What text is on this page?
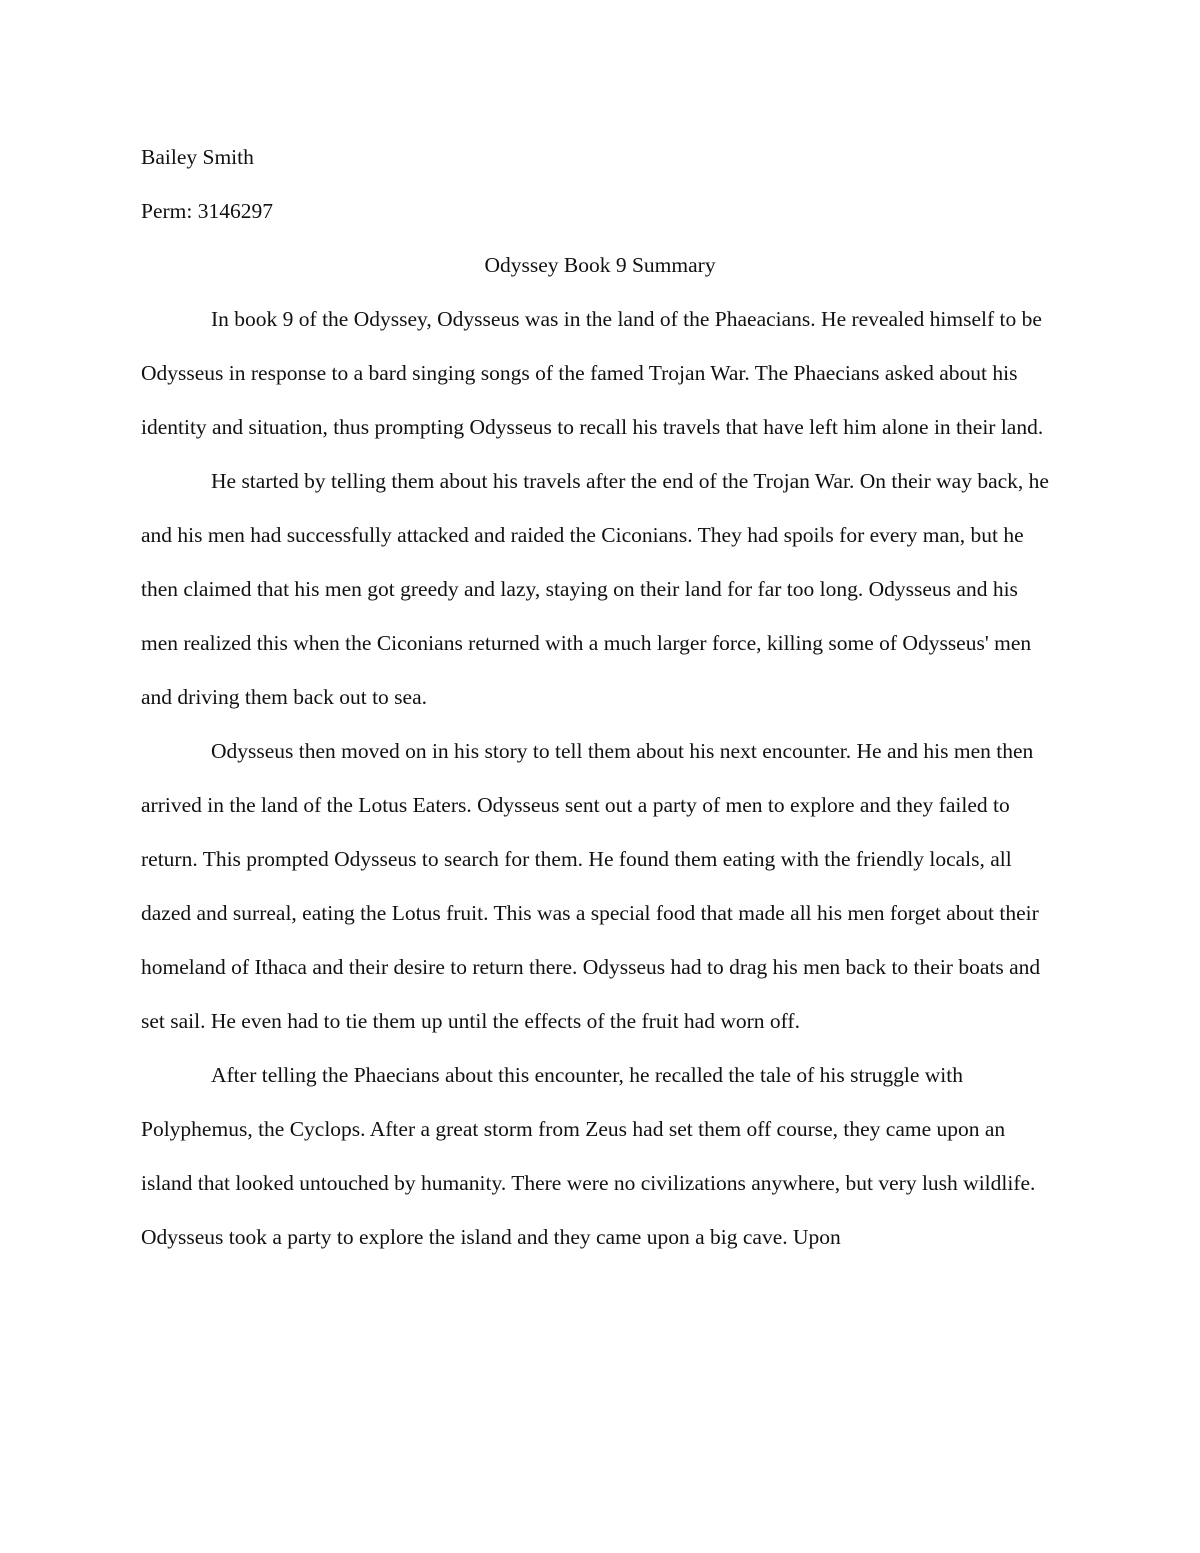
Bailey Smith

Perm: 3146297

Odyssey Book 9 Summary

In book 9 of the Odyssey, Odysseus was in the land of the Phaeacians. He revealed himself to be Odysseus in response to a bard singing songs of the famed Trojan War. The Phaecians asked about his identity and situation, thus prompting Odysseus to recall his travels that have left him alone in their land.

He started by telling them about his travels after the end of the Trojan War. On their way back, he and his men had successfully attacked and raided the Ciconians. They had spoils for every man, but he then claimed that his men got greedy and lazy, staying on their land for far too long. Odysseus and his men realized this when the Ciconians returned with a much larger force, killing some of Odysseus' men and driving them back out to sea.

Odysseus then moved on in his story to tell them about his next encounter. He and his men then arrived in the land of the Lotus Eaters. Odysseus sent out a party of men to explore and they failed to return. This prompted Odysseus to search for them. He found them eating with the friendly locals, all dazed and surreal, eating the Lotus fruit. This was a special food that made all his men forget about their homeland of Ithaca and their desire to return there. Odysseus had to drag his men back to their boats and set sail. He even had to tie them up until the effects of the fruit had worn off.

After telling the Phaecians about this encounter, he recalled the tale of his struggle with Polyphemus, the Cyclops. After a great storm from Zeus had set them off course, they came upon an island that looked untouched by humanity. There were no civilizations anywhere, but very lush wildlife. Odysseus took a party to explore the island and they came upon a big cave. Upon
